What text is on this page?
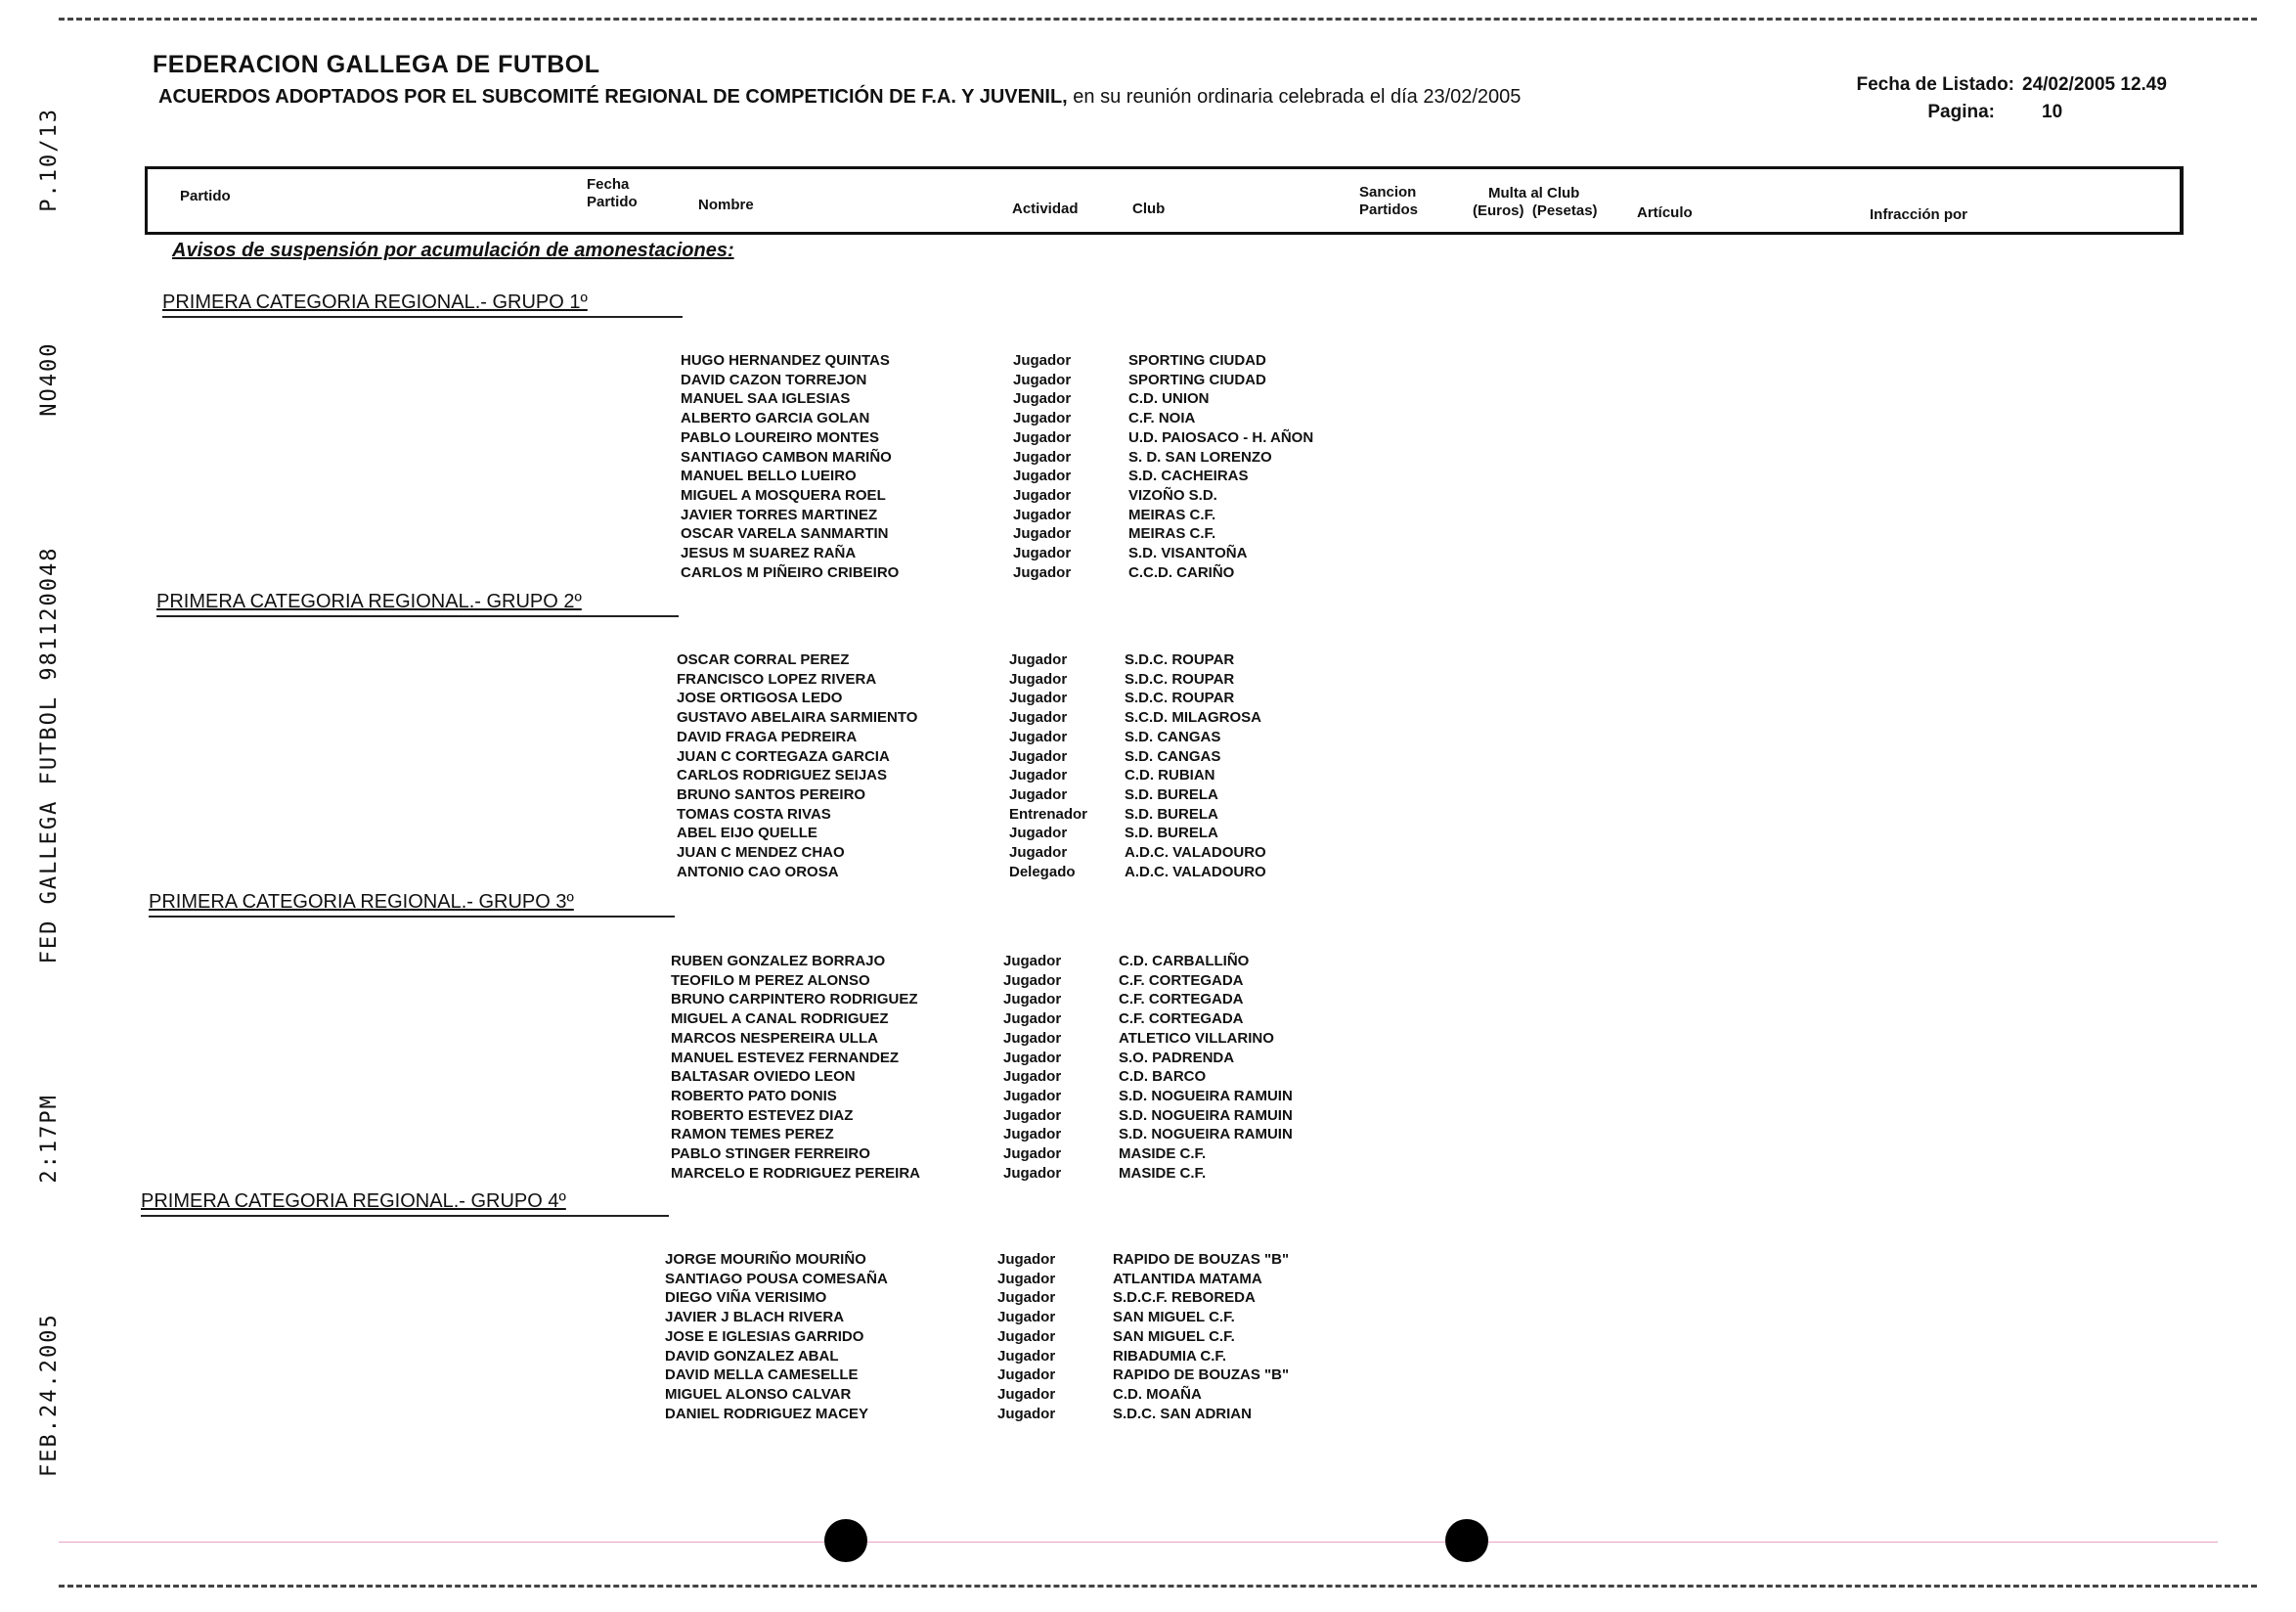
FEB.24.2005
2:17PM
FED GALLEGA FUTBOL 981120048
NO400
P.10/13
FEDERACION GALLEGA DE FUTBOL
ACUERDOS ADOPTADOS POR EL SUBCOMITÉ REGIONAL DE COMPETICIÓN DE F.A. Y JUVENIL, en su reunión ordinaria celebrada el día 23/02/2005
Fecha de Listado: 24/02/2005 12.49
Pagina:	10
Partido
Fecha
Partido	Nombre	Actividad	Club
Sancion
Partidos
Multa al Club
(Euros) (Pesetas)	Artículo	Infracción por
Avisos de suspensión por acumulación de amonestaciones:
PRIMERA CATEGORIA REGIONAL.- GRUPO 1º
HUGO HERNANDEZ QUINTAS	Jugador	SPORTING CIUDAD
DAVID CAZON TORREJON	Jugador	SPORTING CIUDAD
MANUEL SAA IGLESIAS	Jugador	C.D. UNION
ALBERTO GARCIA GOLAN	Jugador	C.F. NOIA
PABLO LOUREIRO MONTES	Jugador	U.D. PAIOSACO - H. AÑON
SANTIAGO CAMBON MARIÑO	Jugador	S. D. SAN LORENZO
MANUEL BELLO LUEIRO	Jugador	S.D. CACHEIRAS
MIGUEL A MOSQUERA ROEL	Jugador	VIZOÑO S.D.
JAVIER TORRES MARTINEZ	Jugador	MEIRAS C.F.
OSCAR VARELA SANMARTIN	Jugador	MEIRAS C.F.
JESUS M SUAREZ RAÑA	Jugador	S.D. VISANTOÑA
CARLOS M PIÑEIRO CRIBEIRO	Jugador	C.C.D. CARIÑO
PRIMERA CATEGORIA REGIONAL.- GRUPO 2º
OSCAR CORRAL PEREZ	Jugador	S.D.C. ROUPAR
FRANCISCO LOPEZ RIVERA	Jugador	S.D.C. ROUPAR
JOSE ORTIGOSA LEDO	Jugador	S.D.C. ROUPAR
GUSTAVO ABELAIRA SARMIENTO	Jugador	S.C.D. MILAGROSA
DAVID FRAGA PEDREIRA	Jugador	S.D. CANGAS
JUAN C CORTEGAZA GARCIA	Jugador	S.D. CANGAS
CARLOS RODRIGUEZ SEIJAS	Jugador	C.D. RUBIAN
BRUNO SANTOS PEREIRO	Jugador	S.D. BURELA
TOMAS COSTA RIVAS	Entrenador	S.D. BURELA
ABEL EIJO QUELLE	Jugador	S.D. BURELA
JUAN C MENDEZ CHAO	Jugador	A.D.C. VALADOURO
ANTONIO CAO OROSA	Delegado	A.D.C. VALADOURO
PRIMERA CATEGORIA REGIONAL.- GRUPO 3º
RUBEN GONZALEZ BORRAJO	Jugador	C.D. CARBALLIÑO
TEOFILO M PEREZ ALONSO	Jugador	C.F. CORTEGADA
BRUNO CARPINTERO RODRIGUEZ	Jugador	C.F. CORTEGADA
MIGUEL A CANAL RODRIGUEZ	Jugador	C.F. CORTEGADA
MARCOS NESPEREIRA ULLA	Jugador	ATLETICO VILLARINO
MANUEL ESTEVEZ FERNANDEZ	Jugador	S.O. PADRENDA
BALTASAR OVIEDO LEON	Jugador	C.D. BARCO
ROBERTO PATO DONIS	Jugador	S.D. NOGUEIRA RAMUIN
ROBERTO ESTEVEZ DIAZ	Jugador	S.D. NOGUEIRA RAMUIN
RAMON TEMES PEREZ	Jugador	S.D. NOGUEIRA RAMUIN
PABLO STINGER FERREIRO	Jugador	MASIDE C.F.
MARCELO E RODRIGUEZ PEREIRA	Jugador	MASIDE C.F.
PRIMERA CATEGORIA REGIONAL.- GRUPO 4º
JORGE MOURIÑO MOURIÑO	Jugador	RAPIDO DE BOUZAS "B"
SANTIAGO POUSA COMESAÑA	Jugador	ATLANTIDA MATAMA
DIEGO VIÑA VERISIMO	Jugador	S.D.C.F. REBOREDA
JAVIER J BLACH RIVERA	Jugador	SAN MIGUEL C.F.
JOSE E IGLESIAS GARRIDO	Jugador	SAN MIGUEL C.F.
DAVID GONZALEZ ABAL	Jugador	RIBADUMIA C.F.
DAVID MELLA CAMESELLE	Jugador	RAPIDO DE BOUZAS "B"
MIGUEL ALONSO CALVAR	Jugador	C.D. MOAÑA
DANIEL RODRIGUEZ MACEY	Jugador	S.D.C. SAN ADRIAN
